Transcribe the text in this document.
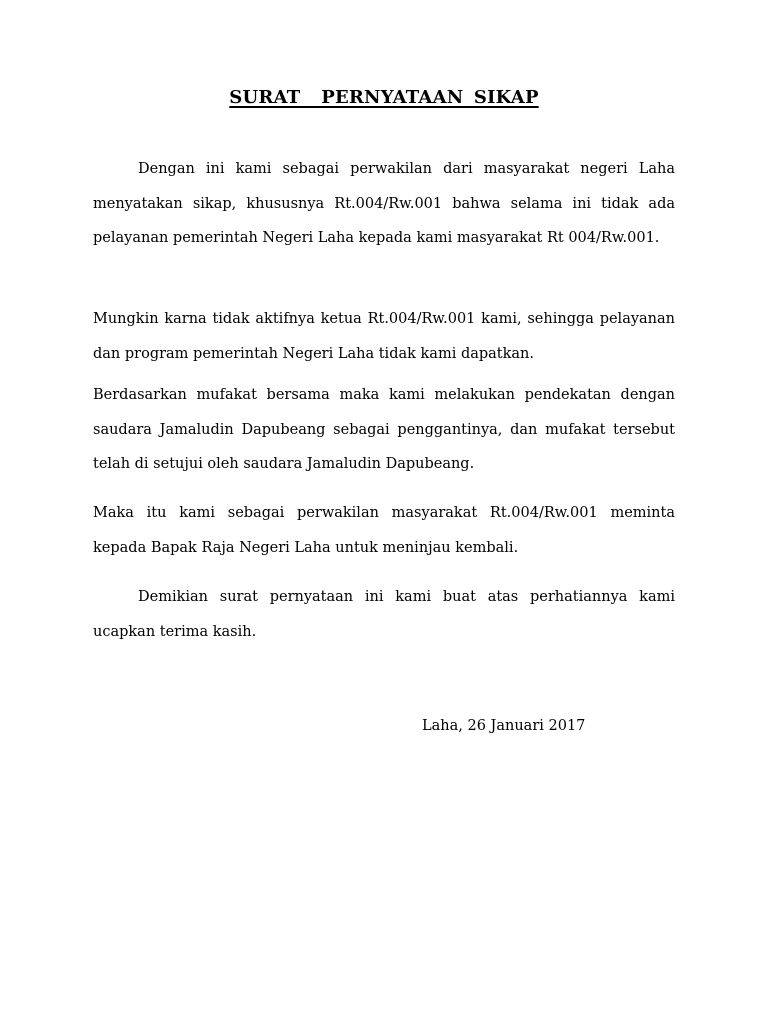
SURAT  PERNYATAAN SIKAP

Dengan ini kami sebagai perwakilan dari masyarakat negeri Laha menyatakan sikap, khususnya Rt.004/Rw.001 bahwa selama ini tidak ada pelayanan pemerintah Negeri Laha kepada kami masyarakat Rt 004/Rw.001.

Mungkin karna tidak aktifnya ketua Rt.004/Rw.001 kami, sehingga pelayanan dan program pemerintah Negeri Laha tidak kami dapatkan.

Berdasarkan mufakat bersama maka kami melakukan pendekatan dengan saudara Jamaludin Dapubeang sebagai penggantinya, dan mufakat tersebut telah di setujui oleh saudara Jamaludin Dapubeang.

Maka itu kami sebagai perwakilan masyarakat Rt.004/Rw.001 meminta kepada Bapak Raja Negeri Laha untuk meninjau kembali.

Demikian surat pernyataan ini kami buat atas perhatiannya kami ucapkan terima kasih.

Laha, 26 Januari 2017
